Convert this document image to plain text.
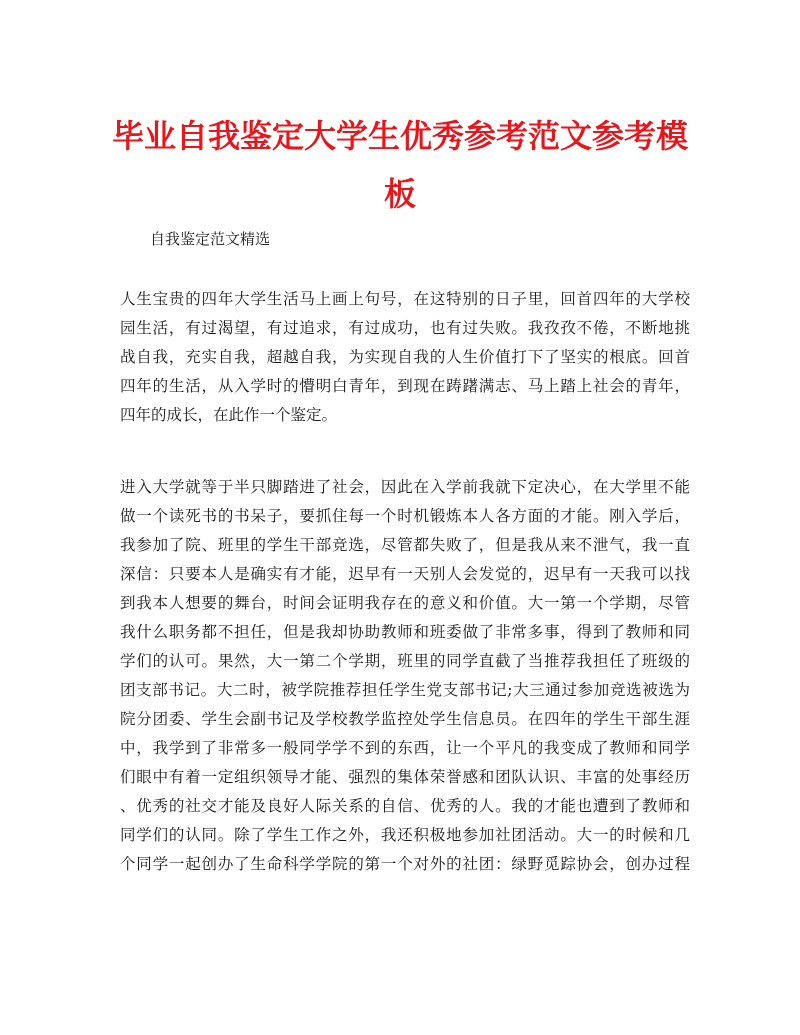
毕业自我鉴定大学生优秀参考范文参考模
板

自我鉴定范文精选

人生宝贵的四年大学生活马上画上句号，在这特别的日子里，回首四年的大学校
园生活，有过渴望，有过追求，有过成功，也有过失败。我孜孜不倦，不断地挑
战自我，充实自我，超越自我，为实现自我的人生价值打下了坚实的根底。回首
四年的生活，从入学时的懵明白青年，到现在踌躇满志、马上踏上社会的青年，
四年的成长，在此作一个鉴定。
进入大学就等于半只脚踏进了社会，因此在入学前我就下定决心，在大学里不能
做一个读死书的书呆子，要抓住每一个时机锻炼本人各方面的才能。刚入学后，
我参加了院、班里的学生干部竞选，尽管都失败了，但是我从来不泄气，我一直
深信：只要本人是确实有才能，迟早有一天别人会发觉的，迟早有一天我可以找
到我本人想要的舞台，时间会证明我存在的意义和价值。大一第一个学期，尽管
我什么职务都不担任，但是我却协助教师和班委做了非常多事，得到了教师和同
学们的认可。果然，大一第二个学期，班里的同学直截了当推荐我担任了班级的
团支部书记。大二时，被学院推荐担任学生党支部书记;大三通过参加竞选被选为
院分团委、学生会副书记及学校教学监控处学生信息员。在四年的学生干部生涯
中，我学到了非常多一般同学学不到的东西，让一个平凡的我变成了教师和同学
们眼中有着一定组织领导才能、强烈的集体荣誉感和团队认识、丰富的处事经历
、优秀的社交才能及良好人际关系的自信、优秀的人。我的才能也遭到了教师和
同学们的认同。除了学生工作之外，我还积极地参加社团活动。大一的时候和几
个同学一起创办了生命科学学院的第一个对外的社团：绿野觅踪协会，创办过程
